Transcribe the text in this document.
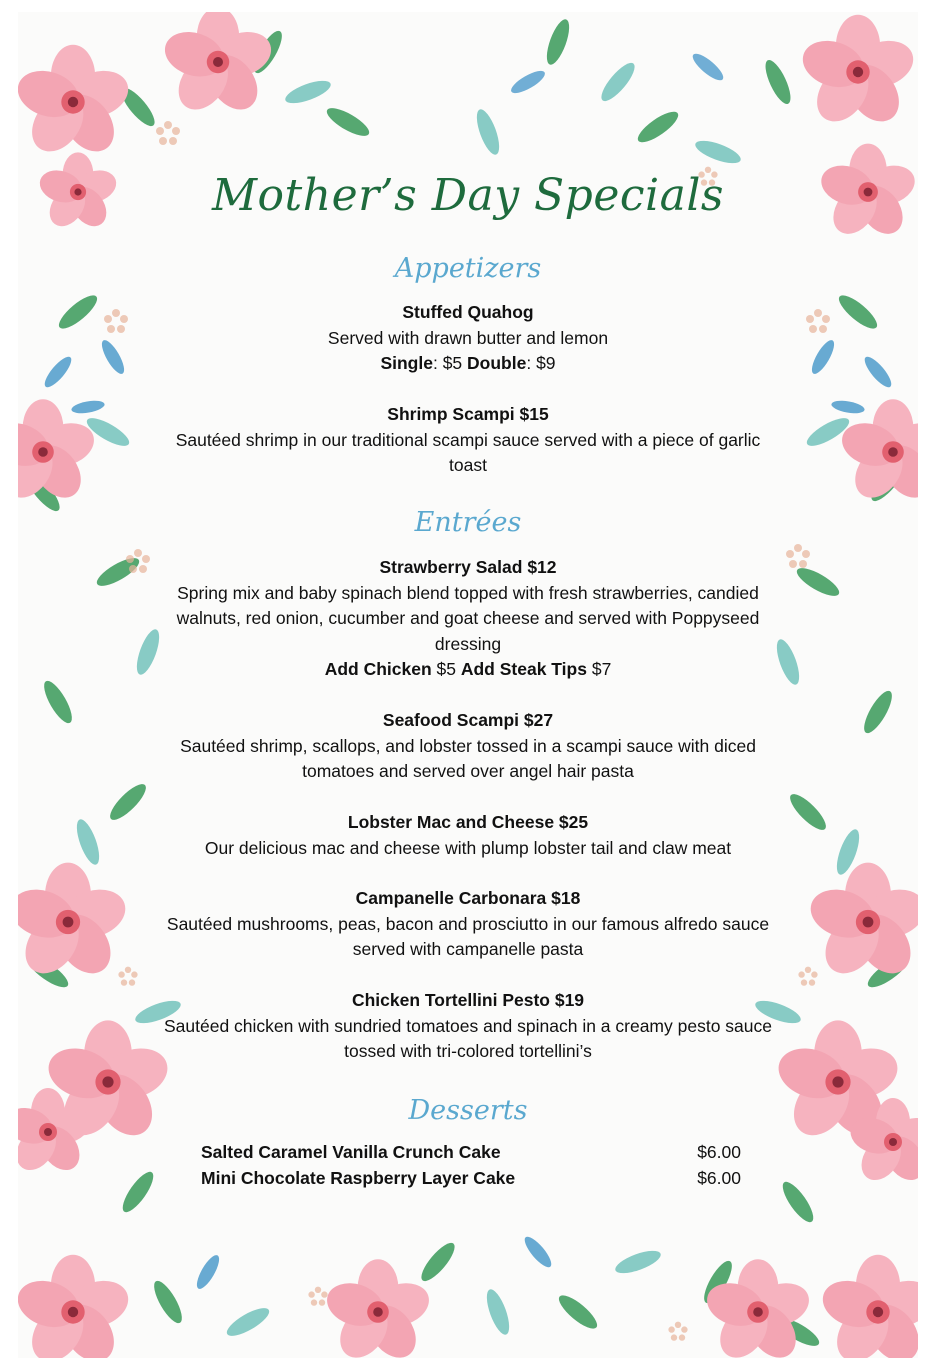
Mother’s Day Specials
Appetizers
Stuffed Quahog
Served with drawn butter and lemon
Single: $5 Double: $9
Shrimp Scampi $15
Sautéed shrimp in our traditional scampi sauce served with a piece of garlic toast
Entrées
Strawberry Salad $12
Spring mix and baby spinach blend topped with fresh strawberries, candied walnuts, red onion, cucumber and goat cheese and served with Poppyseed dressing
Add Chicken $5 Add Steak Tips $7
Seafood Scampi $27
Sautéed shrimp, scallops, and lobster tossed in a scampi sauce with diced tomatoes and served over angel hair pasta
Lobster Mac and Cheese $25
Our delicious mac and cheese with plump lobster tail and claw meat
Campanelle Carbonara $18
Sautéed mushrooms, peas, bacon and prosciutto in our famous alfredo sauce served with campanelle pasta
Chicken Tortellini Pesto $19
Sautéed chicken with sundried tomatoes and spinach in a creamy pesto sauce tossed with tri-colored tortellini’s
Desserts
Salted Caramel Vanilla Crunch Cake	$6.00
Mini Chocolate Raspberry Layer Cake	$6.00
